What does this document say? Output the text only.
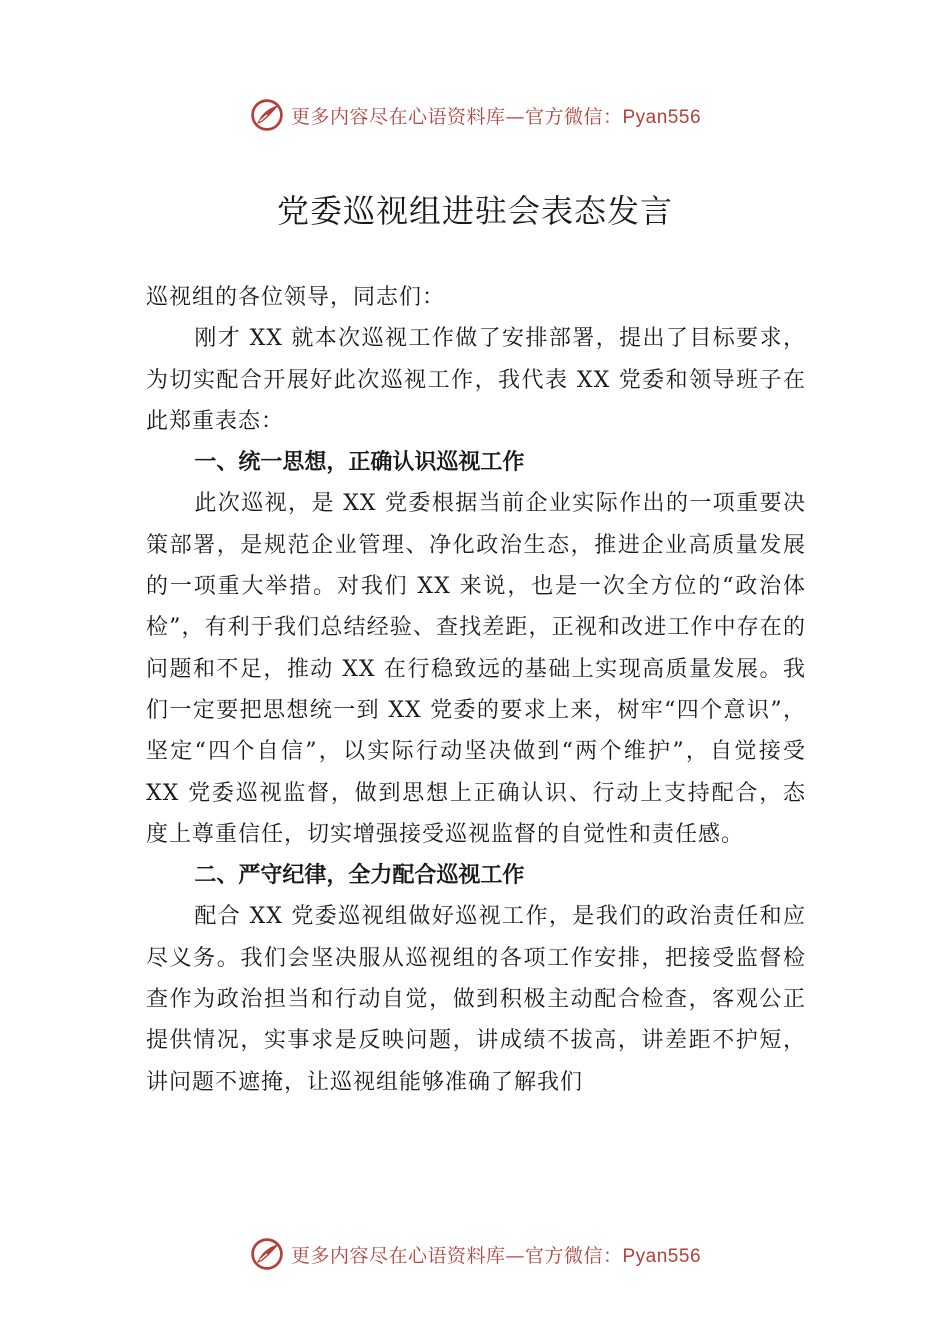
更多内容尽在心语资料库—官方微信：Pyan556
党委巡视组进驻会表态发言

巡视组的各位领导，同志们：

刚才 XX 就本次巡视工作做了安排部署，提出了目标要求，为切实配合开展好此次巡视工作，我代表 XX 党委和领导班子在此郑重表态：

一、统一思想，正确认识巡视工作

此次巡视，是 XX 党委根据当前企业实际作出的一项重要决策部署，是规范企业管理、净化政治生态，推进企业高质量发展的一项重大举措。对我们 XX 来说，也是一次全方位的“政治体检”，有利于我们总结经验、查找差距，正视和改进工作中存在的问题和不足，推动 XX 在行稳致远的基础上实现高质量发展。我们一定要把思想统一到 XX 党委的要求上来，树牢“四个意识”，坚定“四个自信”，以实际行动坚决做到“两个维护”，自觉接受 XX 党委巡视监督，做到思想上正确认识、行动上支持配合，态度上尊重信任，切实增强接受巡视监督的自觉性和责任感。

二、严守纪律，全力配合巡视工作

配合 XX 党委巡视组做好巡视工作，是我们的政治责任和应尽义务。我们会坚决服从巡视组的各项工作安排，把接受监督检查作为政治担当和行动自觉，做到积极主动配合检查，客观公正提供情况，实事求是反映问题，讲成绩不拔高，讲差距不护短，讲问题不遮掩，让巡视组能够准确了解我们

更多内容尽在心语资料库—官方微信：Pyan556
